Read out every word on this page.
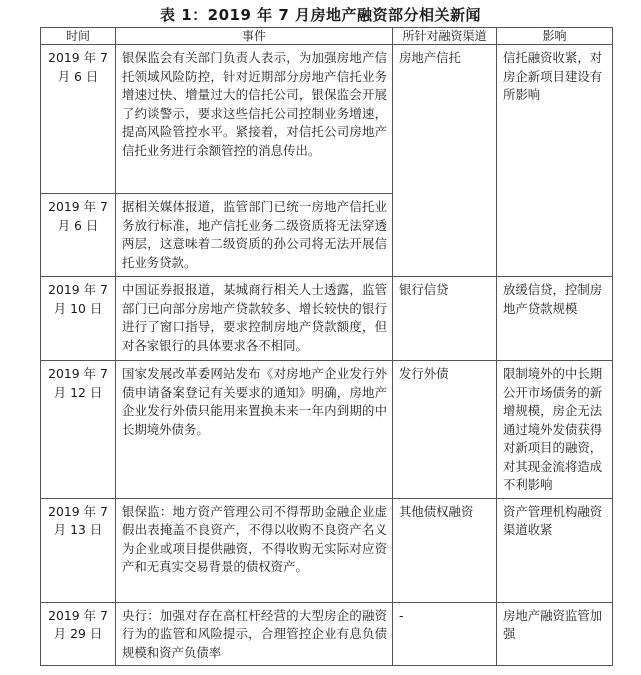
表 1：2019 年 7 月房地产融资部分相关新闻
时间	事件	所针对融资渠道	影响
2019 年 7 月 6 日	银保监会有关部门负责人表示，为加强房地产信托领域风险防控，针对近期部分房地产信托业务增速过快、增量过大的信托公司，银保监会开展了约谈警示，要求这些信托公司控制业务增速，提高风险管控水平。紧接着，对信托公司房地产信托业务进行余额管控的消息传出。	房地产信托	信托融资收紧，对房企新项目建设有所影响
2019 年 7 月 6 日	据相关媒体报道，监管部门已统一房地产信托业务放行标准，地产信托业务二级资质将无法穿透两层，这意味着二级资质的孙公司将无法开展信托业务贷款。		
2019 年 7 月 10 日	中国证券报报道，某城商行相关人士透露，监管部门已向部分房地产贷款较多、增长较快的银行进行了窗口指导，要求控制房地产贷款额度，但对各家银行的具体要求各不相同。	银行信贷	放缓信贷，控制房地产贷款规模
2019 年 7 月 12 日	国家发展改革委网站发布《对房地产企业发行外债申请备案登记有关要求的通知》明确，房地产企业发行外债只能用来置换未来一年内到期的中长期境外债务。	发行外债	限制境外的中长期公开市场债务的新增规模，房企无法通过境外发债获得对新项目的融资，对其现金流将造成不利影响
2019 年 7 月 13 日	银保监：地方资产管理公司不得帮助金融企业虚假出表掩盖不良资产，不得以收购不良资产名义为企业或项目提供融资，不得收购无实际对应资产和无真实交易背景的债权资产。	其他债权融资	资产管理机构融资渠道收紧
2019 年 7 月 29 日	央行：加强对存在高杠杆经营的大型房企的融资行为的监管和风险提示，合理管控企业有息负债规模和资产负债率	-	房地产融资监管加强
